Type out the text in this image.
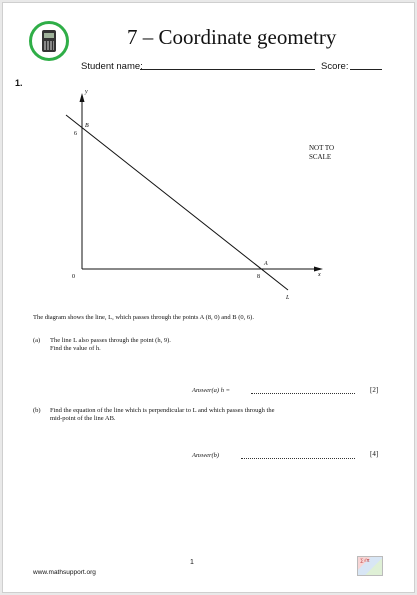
7 – Coordinate geometry
Student name:	Score:
1.
y
x
0
6
8
B
A
L
NOT TO
SCALE
The diagram shows the line, L, which passes through the points A (8, 0) and B (0, 6).
(a) The line L also passes through the point (h, 9).
Find the value of h.
Answer(a) h =	[2]
(b) Find the equation of the line which is perpendicular to L and which passes through the
mid-point of the line AB.
Answer(b)	[4]
1
www.mathsupport.org
∑√π
